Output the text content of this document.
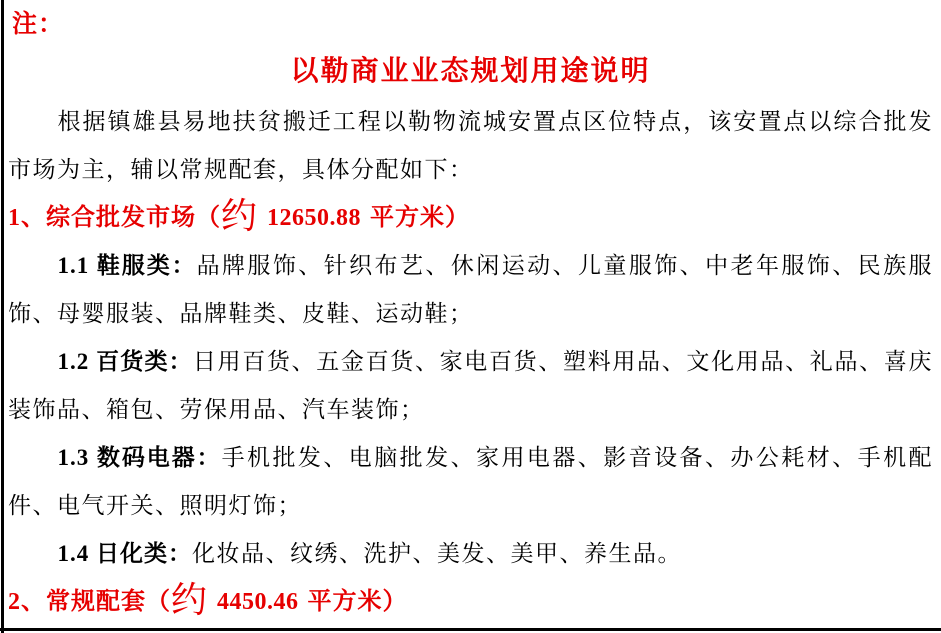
注：
以勒商业业态规划用途说明

根据镇雄县易地扶贫搬迁工程以勒物流城安置点区位特点，该安置点以综合批发市场为主，辅以常规配套，具体分配如下：

1、综合批发市场（约 12650.88 平方米）

1.1 鞋服类：品牌服饰、针织布艺、休闲运动、儿童服饰、中老年服饰、民族服饰、母婴服装、品牌鞋类、皮鞋、运动鞋；

1.2 百货类：日用百货、五金百货、家电百货、塑料用品、文化用品、礼品、喜庆装饰品、箱包、劳保用品、汽车装饰；

1.3 数码电器：手机批发、电脑批发、家用电器、影音设备、办公耗材、手机配件、电气开关、照明灯饰；

1.4 日化类：化妆品、纹绣、洗护、美发、美甲、养生品。

2、常规配套（约 4450.46 平方米）
